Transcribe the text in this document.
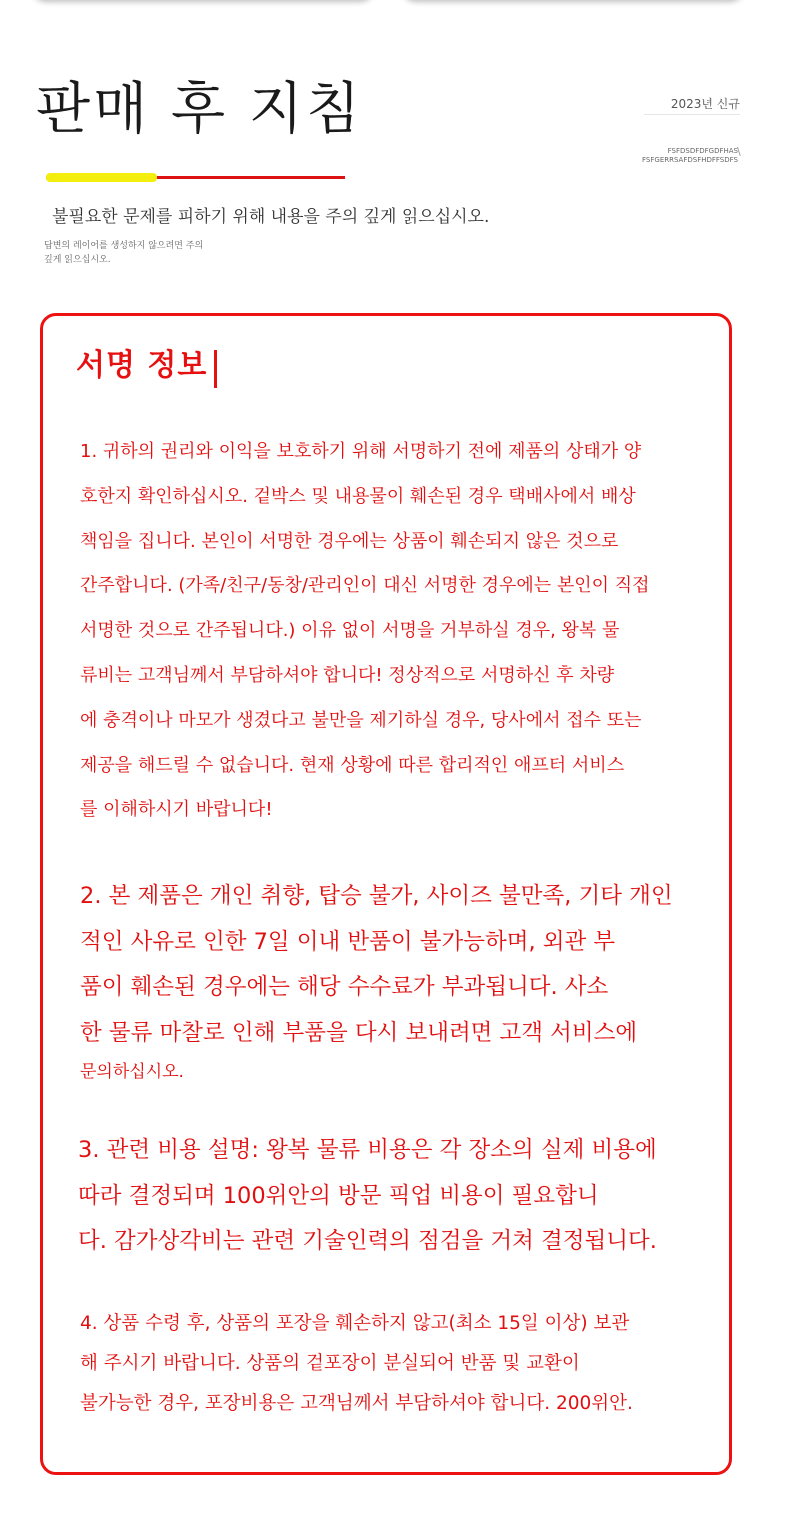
판매 후 지침	2023년 신규
FSFDSDFDFGDFHAS
FSFGERRSAFDSFHDFFSDFS
\
불필요한 문제를 피하기 위해 내용을 주의 깊게 읽으십시오.
답변의 레이어를 생성하지 않으려면 주의
깊게 읽으십시오.
서명 정보

1. 귀하의 권리와 이익을 보호하기 위해 서명하기 전에 제품의 상태가 양
호한지 확인하십시오. 겉박스 및 내용물이 훼손된 경우 택배사에서 배상
책임을 집니다. 본인이 서명한 경우에는 상품이 훼손되지 않은 것으로
간주합니다. (가족/친구/동창/관리인이 대신 서명한 경우에는 본인이 직접
서명한 것으로 간주됩니다.) 이유 없이 서명을 거부하실 경우, 왕복 물
류비는 고객님께서 부담하셔야 합니다! 정상적으로 서명하신 후 차량
에 충격이나 마모가 생겼다고 불만을 제기하실 경우, 당사에서 접수 또는
제공을 해드릴 수 없습니다. 현재 상황에 따른 합리적인 애프터 서비스
를 이해하시기 바랍니다!

2. 본 제품은 개인 취향, 탑승 불가, 사이즈 불만족, 기타 개인
적인 사유로 인한 7일 이내 반품이 불가능하며, 외관 부
품이 훼손된 경우에는 해당 수수료가 부과됩니다. 사소
한 물류 마찰로 인해 부품을 다시 보내려면 고객 서비스에

문의하십시오.

3. 관련 비용 설명: 왕복 물류 비용은 각 장소의 실제 비용에
따라 결정되며 100위안의 방문 픽업 비용이 필요합니
다. 감가상각비는 관련 기술인력의 점검을 거쳐 결정됩니다.

4. 상품 수령 후, 상품의 포장을 훼손하지 않고(최소 15일 이상) 보관
해 주시기 바랍니다. 상품의 겉포장이 분실되어 반품 및 교환이
불가능한 경우, 포장비용은 고객님께서 부담하셔야 합니다. 200위안.
